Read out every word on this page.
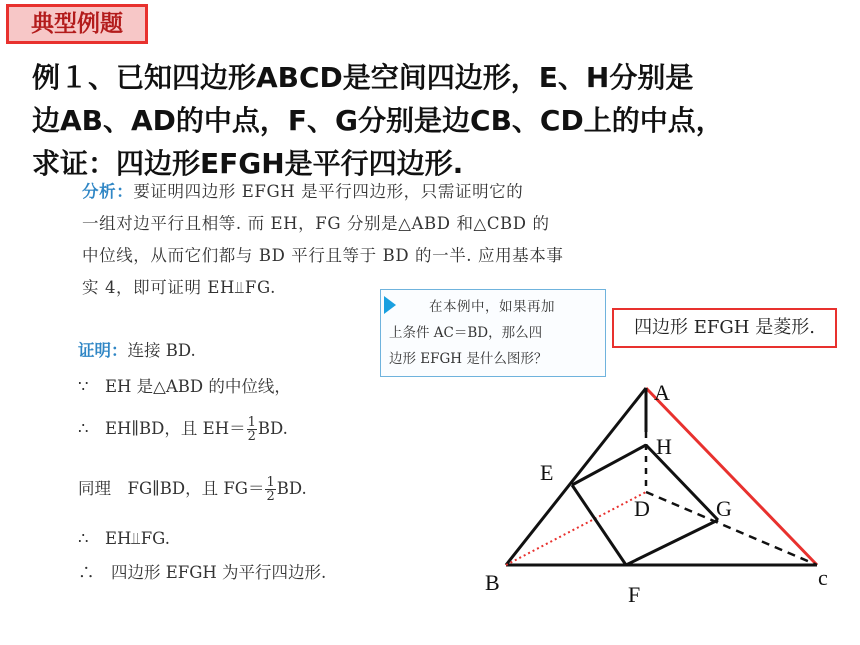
典型例题
例１、已知四边形ABCD是空间四边形，E、H分别是
边AB、AD的中点，F、G分别是边CB、CD上的中点，
求证：四边形EFGH是平行四边形.
分析：要证明四边形 EFGH 是平行四边形，只需证明它的
一组对边平行且相等. 而 EH，FG 分别是△ABD 和△CBD 的
中位线，从而它们都与 BD 平行且等于 BD 的一半. 应用基本事
实 4，即可证明 EH⫫FG.
在本例中，如果再加
上条件 AC＝BD，那么四
边形 EFGH 是什么图形？
四边形 EFGH 是菱形.
证明：连接 BD.
∵　EH 是△ABD 的中位线，
∴　EH∥BD，且 $EH= \frac{1}{2}$ BD.
同理　FG∥BD，且 $FG= \frac{1}{2}$ BD.
∴　EH⫫FG.
∴　四边形 EFGH 为平行四边形.
A
B	c
D
E
F
G
H
